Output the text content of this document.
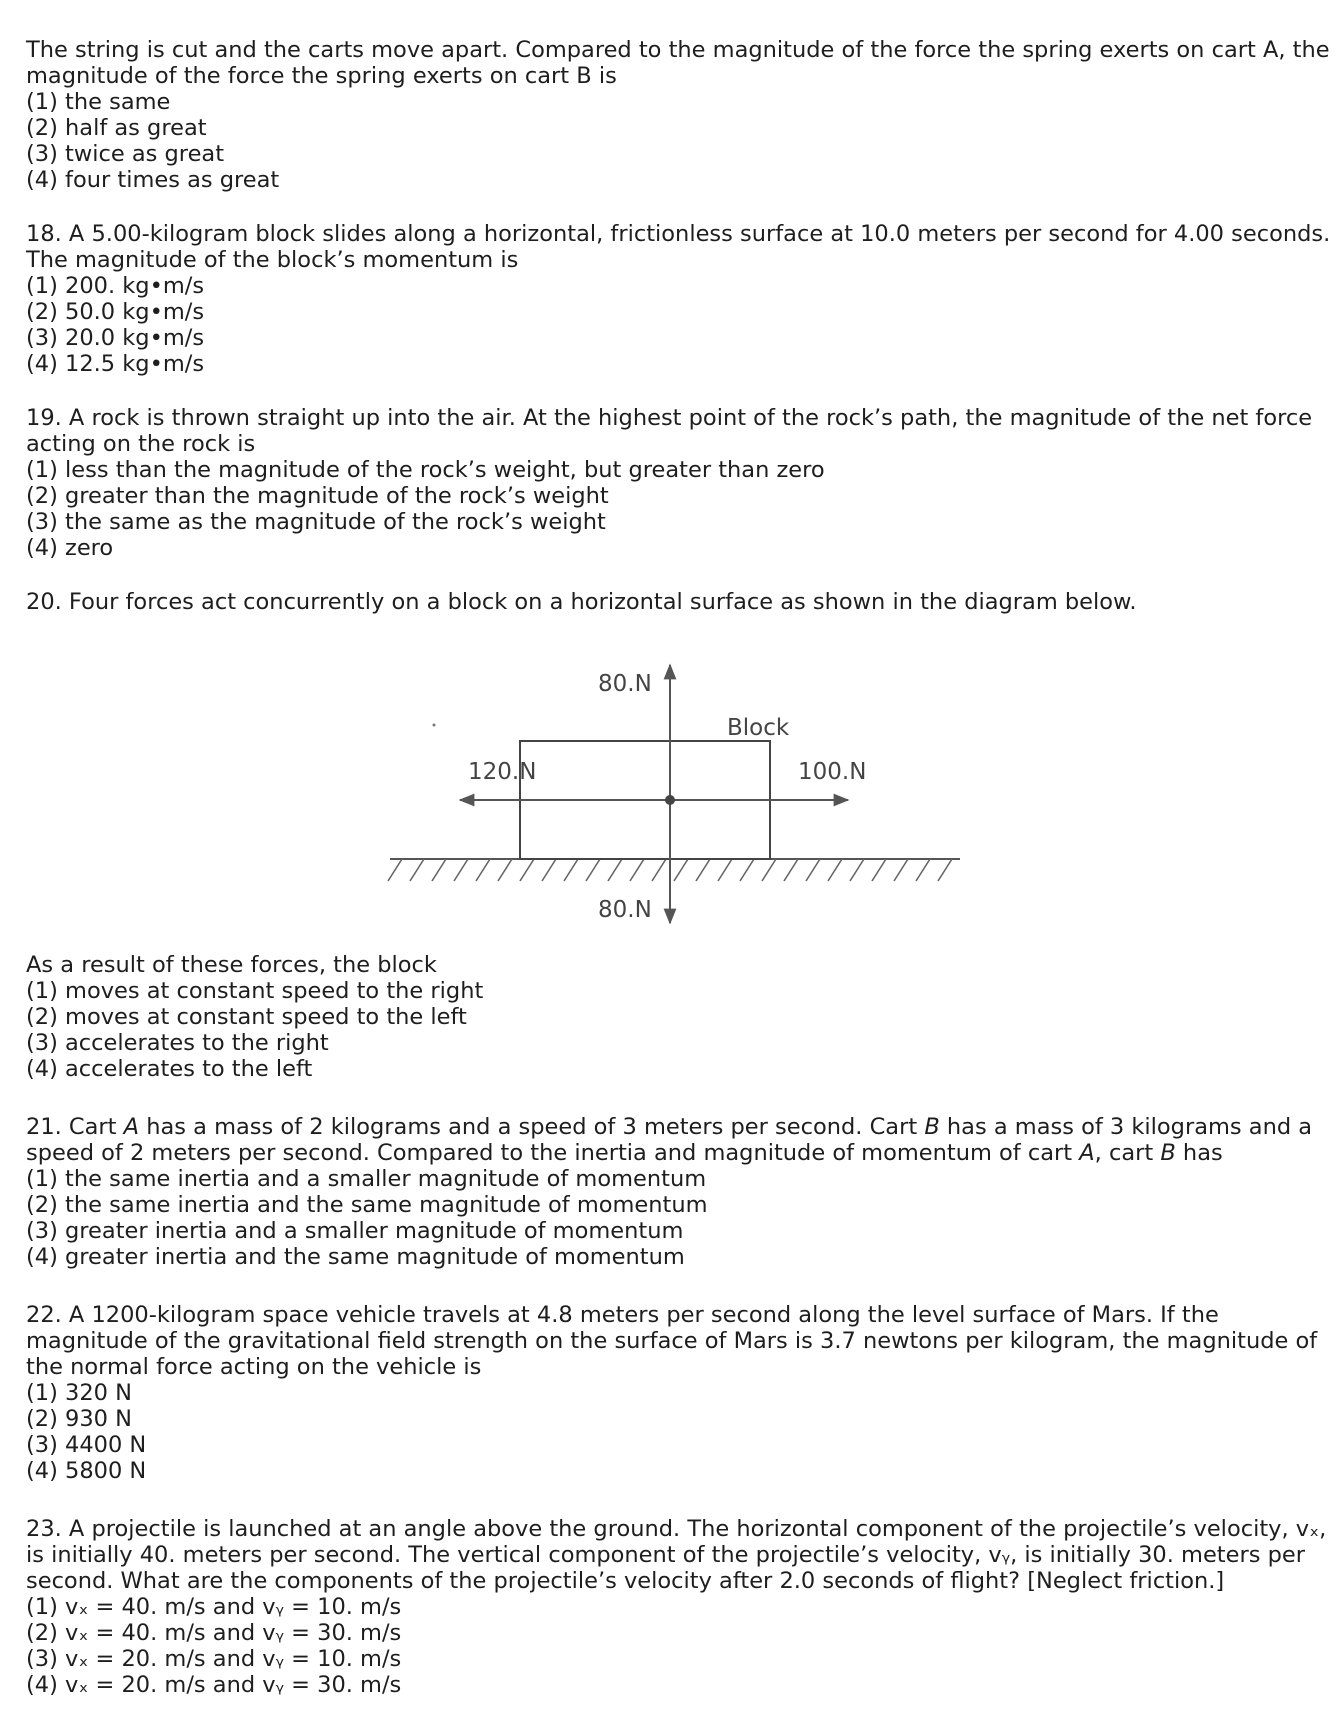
The string is cut and the carts move apart. Compared to the magnitude of the force the spring exerts on cart A, the
magnitude of the force the spring exerts on cart B is
(1) the same
(2) half as great
(3) twice as great
(4) four times as great
18. A 5.00-kilogram block slides along a horizontal, frictionless surface at 10.0 meters per second for 4.00 seconds.
The magnitude of the block’s momentum is
(1) 200. kg•m/s
(2) 50.0 kg•m/s
(3) 20.0 kg•m/s
(4) 12.5 kg•m/s
19. A rock is thrown straight up into the air. At the highest point of the rock’s path, the magnitude of the net force
acting on the rock is
(1) less than the magnitude of the rock’s weight, but greater than zero
(2) greater than the magnitude of the rock’s weight
(3) the same as the magnitude of the rock’s weight
(4) zero
20. Four forces act concurrently on a block on a horizontal surface as shown in the diagram below.
80.N
Block
120.N	100.N
80.N
As a result of these forces, the block
(1) moves at constant speed to the right
(2) moves at constant speed to the left
(3) accelerates to the right
(4) accelerates to the left
21. Cart A has a mass of 2 kilograms and a speed of 3 meters per second. Cart B has a mass of 3 kilograms and a
speed of 2 meters per second. Compared to the inertia and magnitude of momentum of cart A, cart B has
(1) the same inertia and a smaller magnitude of momentum
(2) the same inertia and the same magnitude of momentum
(3) greater inertia and a smaller magnitude of momentum
(4) greater inertia and the same magnitude of momentum
22. A 1200-kilogram space vehicle travels at 4.8 meters per second along the level surface of Mars. If the
magnitude of the gravitational field strength on the surface of Mars is 3.7 newtons per kilogram, the magnitude of
the normal force acting on the vehicle is
(1) 320 N
(2) 930 N
(3) 4400 N
(4) 5800 N
23. A projectile is launched at an angle above the ground. The horizontal component of the projectile’s velocity, vₓ,
is initially 40. meters per second. The vertical component of the projectile’s velocity, vᵧ, is initially 30. meters per
second. What are the components of the projectile’s velocity after 2.0 seconds of flight? [Neglect friction.]
(1) vₓ = 40. m/s and vᵧ = 10. m/s
(2) vₓ = 40. m/s and vᵧ = 30. m/s
(3) vₓ = 20. m/s and vᵧ = 10. m/s
(4) vₓ = 20. m/s and vᵧ = 30. m/s
